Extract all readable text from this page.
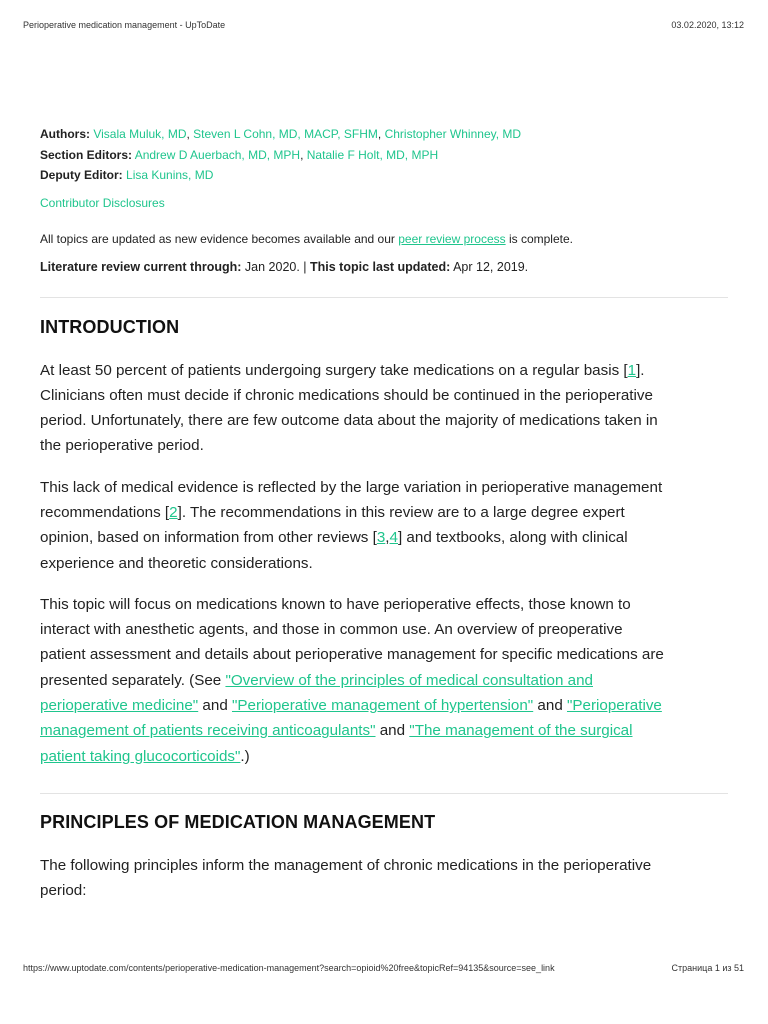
Perioperative medication management - UpToDate	03.02.2020, 13:12
Authors: Visala Muluk, MD, Steven L Cohn, MD, MACP, SFHM, Christopher Whinney, MD
Section Editors: Andrew D Auerbach, MD, MPH, Natalie F Holt, MD, MPH
Deputy Editor: Lisa Kunins, MD
Contributor Disclosures
All topics are updated as new evidence becomes available and our peer review process is complete.
Literature review current through: Jan 2020. | This topic last updated: Apr 12, 2019.
INTRODUCTION

At least 50 percent of patients undergoing surgery take medications on a regular basis [1].
Clinicians often must decide if chronic medications should be continued in the perioperative
period. Unfortunately, there are few outcome data about the majority of medications taken in
the perioperative period.

This lack of medical evidence is reflected by the large variation in perioperative management
recommendations [2]. The recommendations in this review are to a large degree expert
opinion, based on information from other reviews [3,4] and textbooks, along with clinical
experience and theoretic considerations.

This topic will focus on medications known to have perioperative effects, those known to
interact with anesthetic agents, and those in common use. An overview of preoperative
patient assessment and details about perioperative management for specific medications are
presented separately. (See "Overview of the principles of medical consultation and
perioperative medicine" and "Perioperative management of hypertension" and "Perioperative
management of patients receiving anticoagulants" and "The management of the surgical
patient taking glucocorticoids".)

PRINCIPLES OF MEDICATION MANAGEMENT

The following principles inform the management of chronic medications in the perioperative
period:

https://www.uptodate.com/contents/perioperative-medication-management?search=opioid%20free&topicRef=94135&source=see_link	Страница 1 из 51
